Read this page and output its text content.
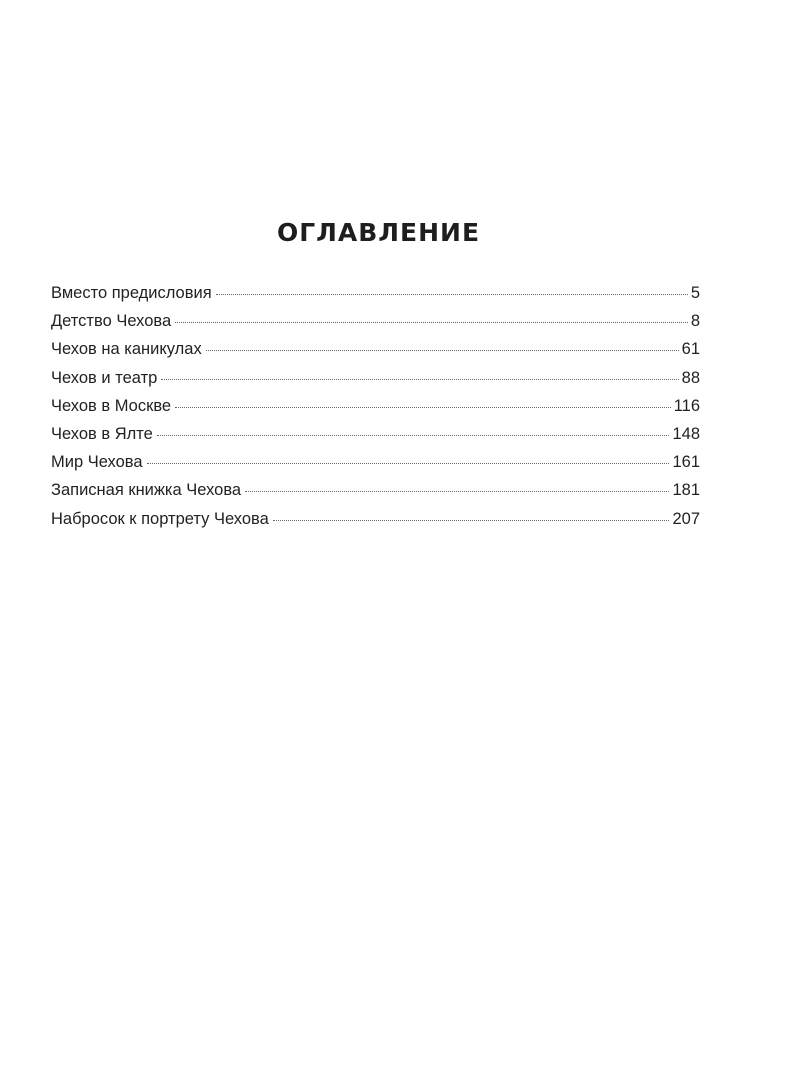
ОГЛАВЛЕНИЕ
Вместо предисловия	5
Детство Чехова	8
Чехов на каникулах	61
Чехов и театр	88
Чехов в Москве	116
Чехов в Ялте	148
Мир Чехова	161
Записная книжка Чехова	181
Набросок к портрету Чехова	207
